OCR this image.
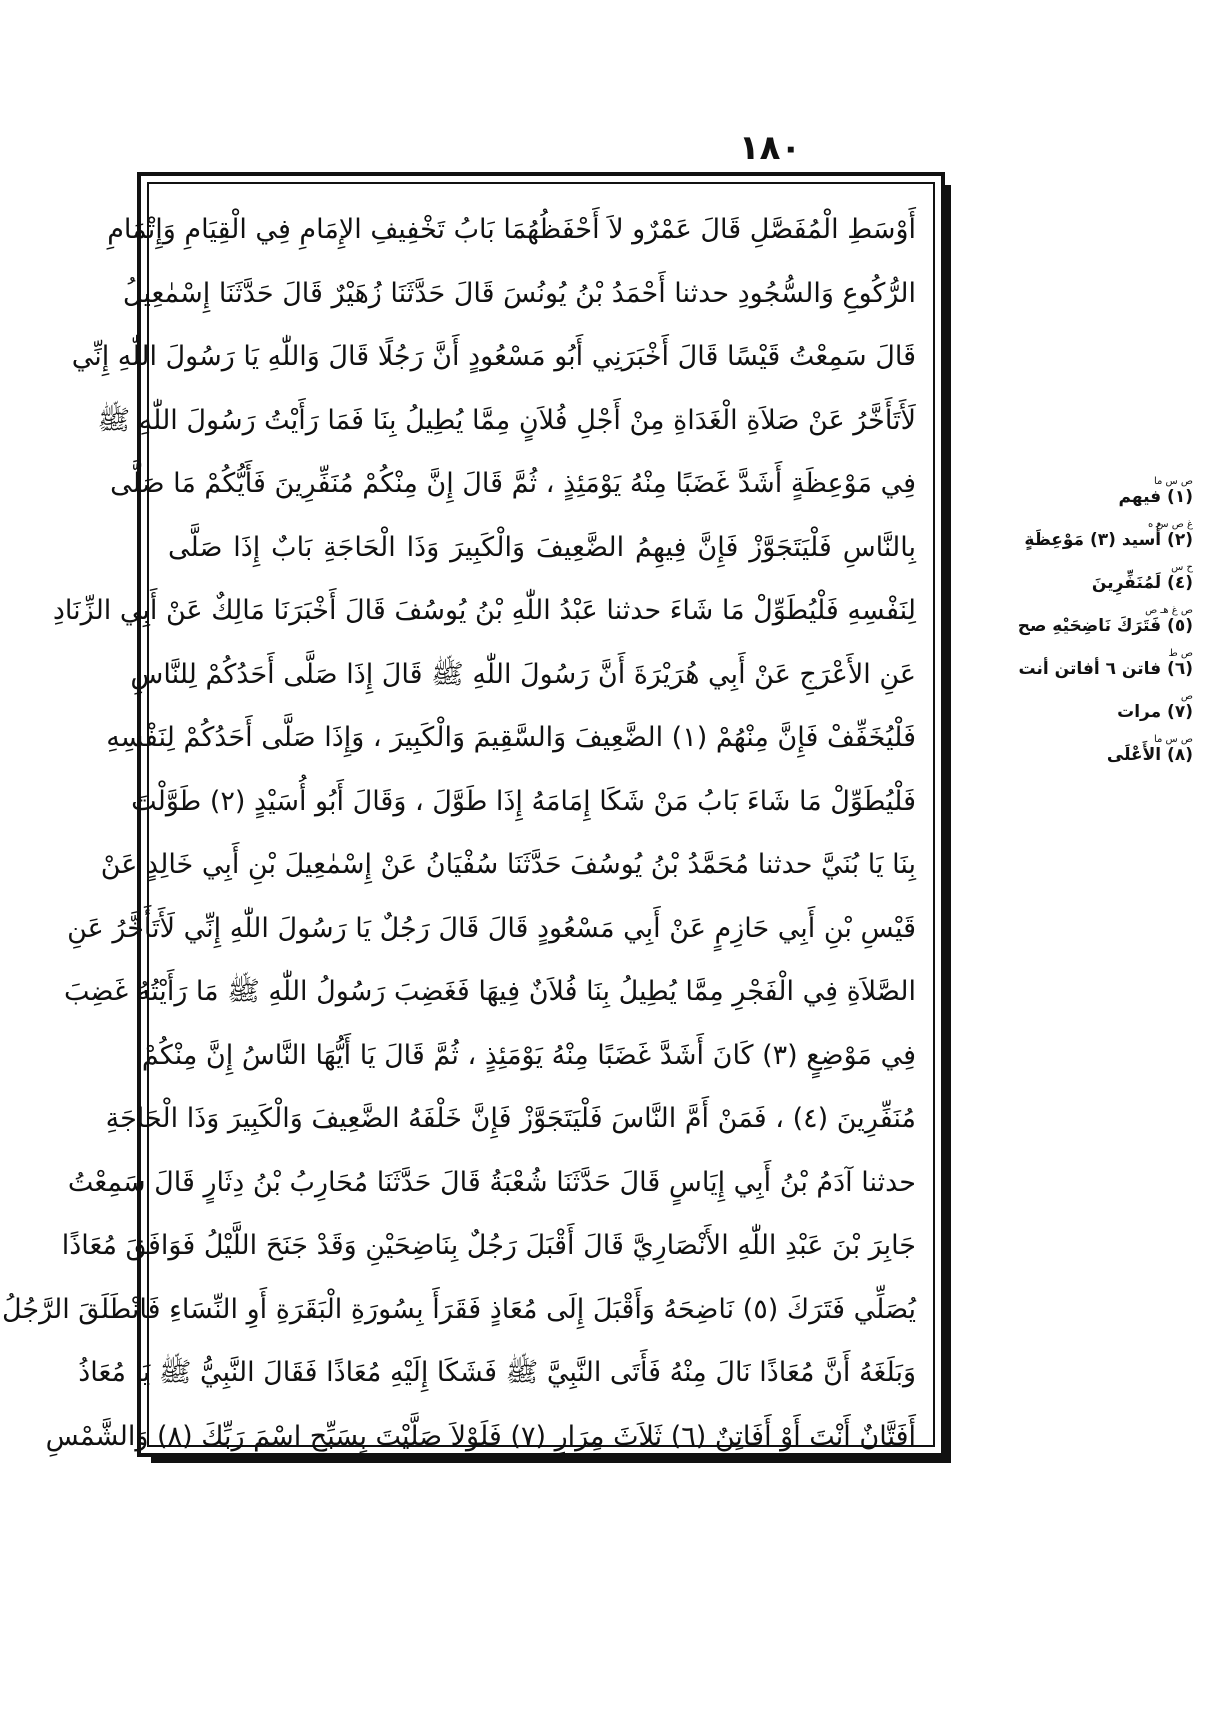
١٨٠
أَوْسَطِ الْمُفَصَّلِ قَالَ عَمْرٌو لاَ أَحْفَظُهُمَا بَابُ تَخْفِيفِ الإِمَامِ فِي الْقِيَامِ وَإِتْمَامِ
الرُّكُوعِ وَالسُّجُودِ حدثنا أَحْمَدُ بْنُ يُونُسَ قَالَ حَدَّثَنَا زُهَيْرٌ قَالَ حَدَّثَنَا إِسْمٰعِيلُ
قَالَ سَمِعْتُ قَيْسًا قَالَ أَخْبَرَنِي أَبُو مَسْعُودٍ أَنَّ رَجُلًا قَالَ وَاللّٰهِ يَا رَسُولَ اللّٰهِ إِنِّي
لَأَتَأَخَّرُ عَنْ صَلاَةِ الْغَدَاةِ مِنْ أَجْلِ فُلاَنٍ مِمَّا يُطِيلُ بِنَا فَمَا رَأَيْتُ رَسُولَ اللّٰهِ ﷺ
فِي مَوْعِظَةٍ أَشَدَّ غَضَبًا مِنْهُ يَوْمَئِذٍ ، ثُمَّ قَالَ إِنَّ مِنْكُمْ مُنَفِّرِينَ فَأَيُّكُمْ مَا صَلَّى
بِالنَّاسِ فَلْيَتَجَوَّزْ فَإِنَّ فِيهِمُ الضَّعِيفَ وَالْكَبِيرَ وَذَا الْحَاجَةِ بَابٌ إِذَا صَلَّى
لِنَفْسِهِ فَلْيُطَوِّلْ مَا شَاءَ حدثنا عَبْدُ اللّٰهِ بْنُ يُوسُفَ قَالَ أَخْبَرَنَا مَالِكٌ عَنْ أَبِي الزِّنَادِ
عَنِ الأَعْرَجِ عَنْ أَبِي هُرَيْرَةَ أَنَّ رَسُولَ اللّٰهِ ﷺ قَالَ إِذَا صَلَّى أَحَدُكُمْ لِلنَّاسِ
فَلْيُخَفِّفْ فَإِنَّ مِنْهُمْ (١) الضَّعِيفَ وَالسَّقِيمَ وَالْكَبِيرَ ، وَإِذَا صَلَّى أَحَدُكُمْ لِنَفْسِهِ
فَلْيُطَوِّلْ مَا شَاءَ بَابُ مَنْ شَكَا إِمَامَهُ إِذَا طَوَّلَ ، وَقَالَ أَبُو أُسَيْدٍ (٢) طَوَّلْتَ
بِنَا يَا بُنَيَّ حدثنا مُحَمَّدُ بْنُ يُوسُفَ حَدَّثَنَا سُفْيَانُ عَنْ إِسْمٰعِيلَ بْنِ أَبِي خَالِدٍ عَنْ
قَيْسِ بْنِ أَبِي حَازِمٍ عَنْ أَبِي مَسْعُودٍ قَالَ قَالَ رَجُلٌ يَا رَسُولَ اللّٰهِ إِنِّي لَأَتَأَخَّرُ عَنِ
الصَّلاَةِ فِي الْفَجْرِ مِمَّا يُطِيلُ بِنَا فُلاَنٌ فِيهَا فَغَضِبَ رَسُولُ اللّٰهِ ﷺ مَا رَأَيْتُهُ غَضِبَ
فِي مَوْضِعٍ (٣) كَانَ أَشَدَّ غَضَبًا مِنْهُ يَوْمَئِذٍ ، ثُمَّ قَالَ يَا أَيُّهَا النَّاسُ إِنَّ مِنْكُمْ
مُنَفِّرِينَ (٤) ، فَمَنْ أَمَّ النَّاسَ فَلْيَتَجَوَّزْ فَإِنَّ خَلْفَهُ الضَّعِيفَ وَالْكَبِيرَ وَذَا الْحَاجَةِ
حدثنا آدَمُ بْنُ أَبِي إِيَاسٍ قَالَ حَدَّثَنَا شُعْبَةُ قَالَ حَدَّثَنَا مُحَارِبُ بْنُ دِثَارٍ قَالَ سَمِعْتُ
جَابِرَ بْنَ عَبْدِ اللّٰهِ الأَنْصَارِيَّ قَالَ أَقْبَلَ رَجُلٌ بِنَاضِحَيْنِ وَقَدْ جَنَحَ اللَّيْلُ فَوَافَقَ مُعَاذًا
يُصَلِّي فَتَرَكَ (٥) نَاضِحَهُ وَأَقْبَلَ إِلَى مُعَاذٍ فَقَرَأَ بِسُورَةِ الْبَقَرَةِ أَوِ النِّسَاءِ فَانْطَلَقَ الرَّجُلُ
وَبَلَغَهُ أَنَّ مُعَاذًا نَالَ مِنْهُ فَأَتَى النَّبِيَّ ﷺ فَشَكَا إِلَيْهِ مُعَاذًا فَقَالَ النَّبِيُّ ﷺ يَا مُعَاذُ
أَفَتَّانٌ أَنْتَ أَوْ أَفَاتِنٌ (٦) ثَلاَثَ مِرَارٍ (٧) فَلَوْلاَ صَلَّيْتَ بِسَبِّحِ اسْمَ رَبِّكَ (٨) وَالشَّمْسِ
ص س ما
(١) فيهم
غ ص س ه
(٢) أُسيد (٣) مَوْعِظَةٍ
ح س
(٤) لَمُنَفِّرِينَ
ص غ هـ ص
(٥) فَتَرَكَ نَاضِحَيْهِ صح
ص ط
(٦) فاتن ٦ أفاتن أنت
ص
(٧) مرات
ص س ما
(٨) الأَعْلَى
